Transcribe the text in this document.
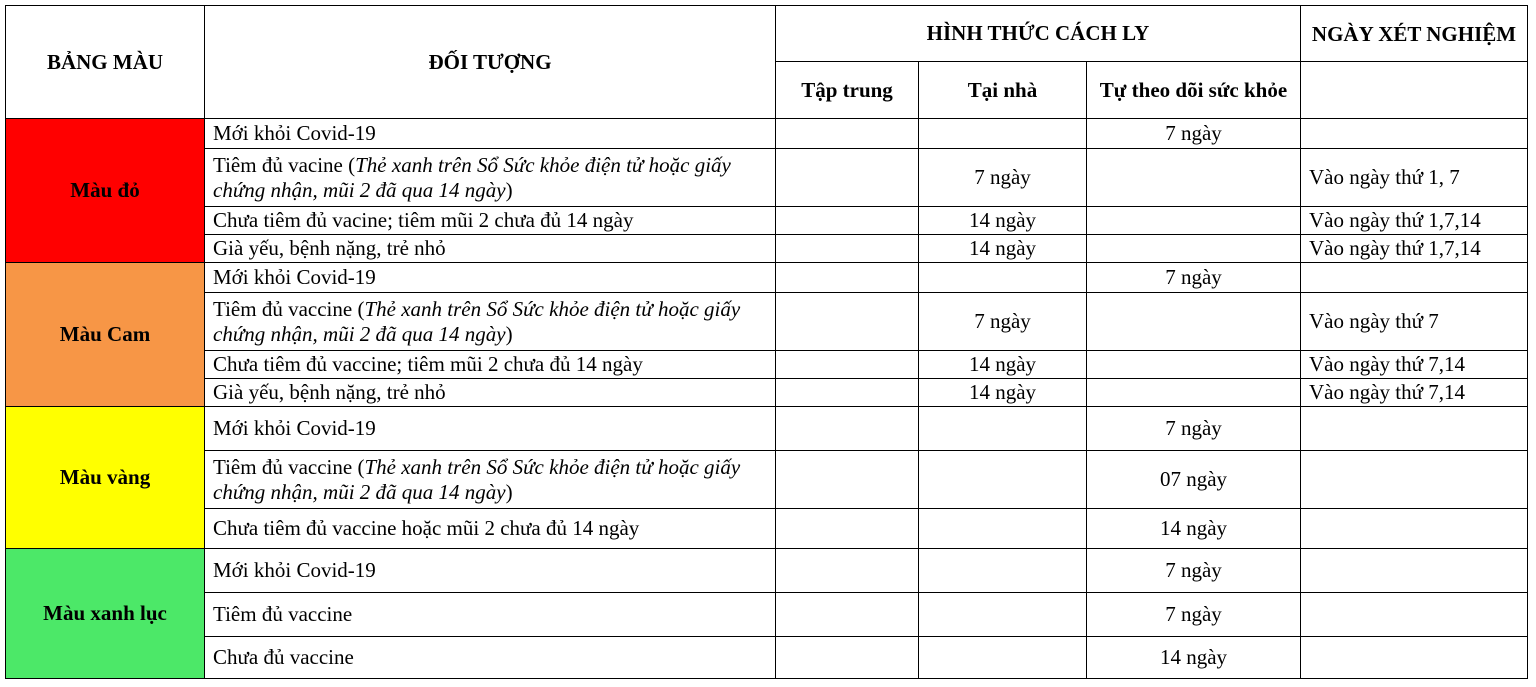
BẢNG MÀU	ĐỐI TƯỢNG	HÌNH THỨC CÁCH LY			NGÀY XÉT NGHIỆM
		Tập trung	Tại nhà	Tự theo dõi sức khỏe	
Màu đỏ	Mới khỏi Covid-19			7 ngày	
	Tiêm đủ vacine (Thẻ xanh trên Sổ Sức khỏe điện tử hoặc giấy chứng nhận, mũi 2 đã qua 14 ngày)		7 ngày		Vào ngày thứ 1, 7
	Chưa tiêm đủ vacine; tiêm mũi 2 chưa đủ 14 ngày		14 ngày		Vào ngày thứ 1,7,14
	Già yếu, bệnh nặng, trẻ nhỏ		14 ngày		Vào ngày thứ 1,7,14
Màu Cam	Mới khỏi Covid-19			7 ngày	
	Tiêm đủ vaccine (Thẻ xanh trên Sổ Sức khỏe điện tử hoặc giấy chứng nhận, mũi 2 đã qua 14 ngày)		7 ngày		Vào ngày thứ 7
	Chưa tiêm đủ vaccine; tiêm mũi 2 chưa đủ 14 ngày		14 ngày		Vào ngày thứ 7,14
	Già yếu, bệnh nặng, trẻ nhỏ		14 ngày		Vào ngày thứ 7,14
Màu vàng	Mới khỏi Covid-19			7 ngày	
	Tiêm đủ vaccine (Thẻ xanh trên Sổ Sức khỏe điện tử hoặc giấy chứng nhận, mũi 2 đã qua 14 ngày)			07 ngày	
	Chưa tiêm đủ vaccine hoặc mũi 2 chưa đủ 14 ngày			14 ngày	
Màu xanh lục	Mới khỏi Covid-19			7 ngày	
	Tiêm đủ vaccine			7 ngày	
	Chưa đủ vaccine			14 ngày	
